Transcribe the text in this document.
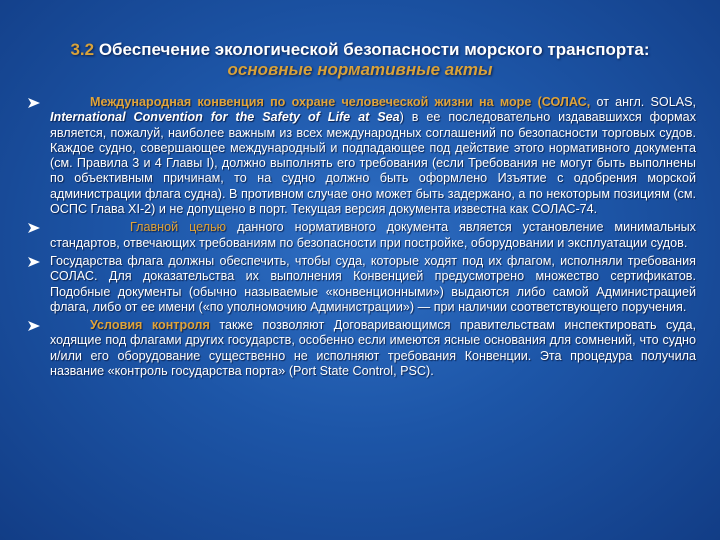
3.2 Обеспечение экологической безопасности морского транспорта:
основные нормативные акты
Международная конвенция по охране человеческой жизни на море (СОЛАС, от англ. SOLAS, International Convention for the Safety of Life at Sea) в ее последовательно издававшихся формах является, пожалуй, наиболее важным из всех международных соглашений по безопасности торговых судов. Каждое судно, совершающее международный и подпадающее под действие этого нормативного документа (см. Правила 3 и 4 Главы I), должно выполнять его требования (если Требования не могут быть выполнены по объективным причинам, то на судно должно быть оформлено Изъятие с одобрения морской администрации флага судна). В противном случае оно может быть задержано, а по некоторым позициям (см. ОСПС Глава XI-2) и не допущено в порт. Текущая версия документа известна как СОЛАС-74.
Главной целью данного нормативного документа является установление минимальных стандартов, отвечающих требованиям по безопасности при постройке, оборудовании и эксплуатации судов.
Государства флага должны обеспечить, чтобы суда, которые ходят под их флагом, исполняли требования СОЛАС. Для доказательства их выполнения Конвенцией предусмотрено множество сертификатов. Подобные документы (обычно называемые «конвенционными») выдаются либо самой Администрацией флага, либо от ее имени («по уполномочию Администрации») — при наличии соответствующего поручения.
Условия контроля также позволяют Договаривающимся правительствам инспектировать суда, ходящие под флагами других государств, особенно если имеются ясные основания для сомнений, что судно и/или его оборудование существенно не исполняют требования Конвенции. Эта процедура получила название «контроль государства порта» (Port State Control, PSC).
